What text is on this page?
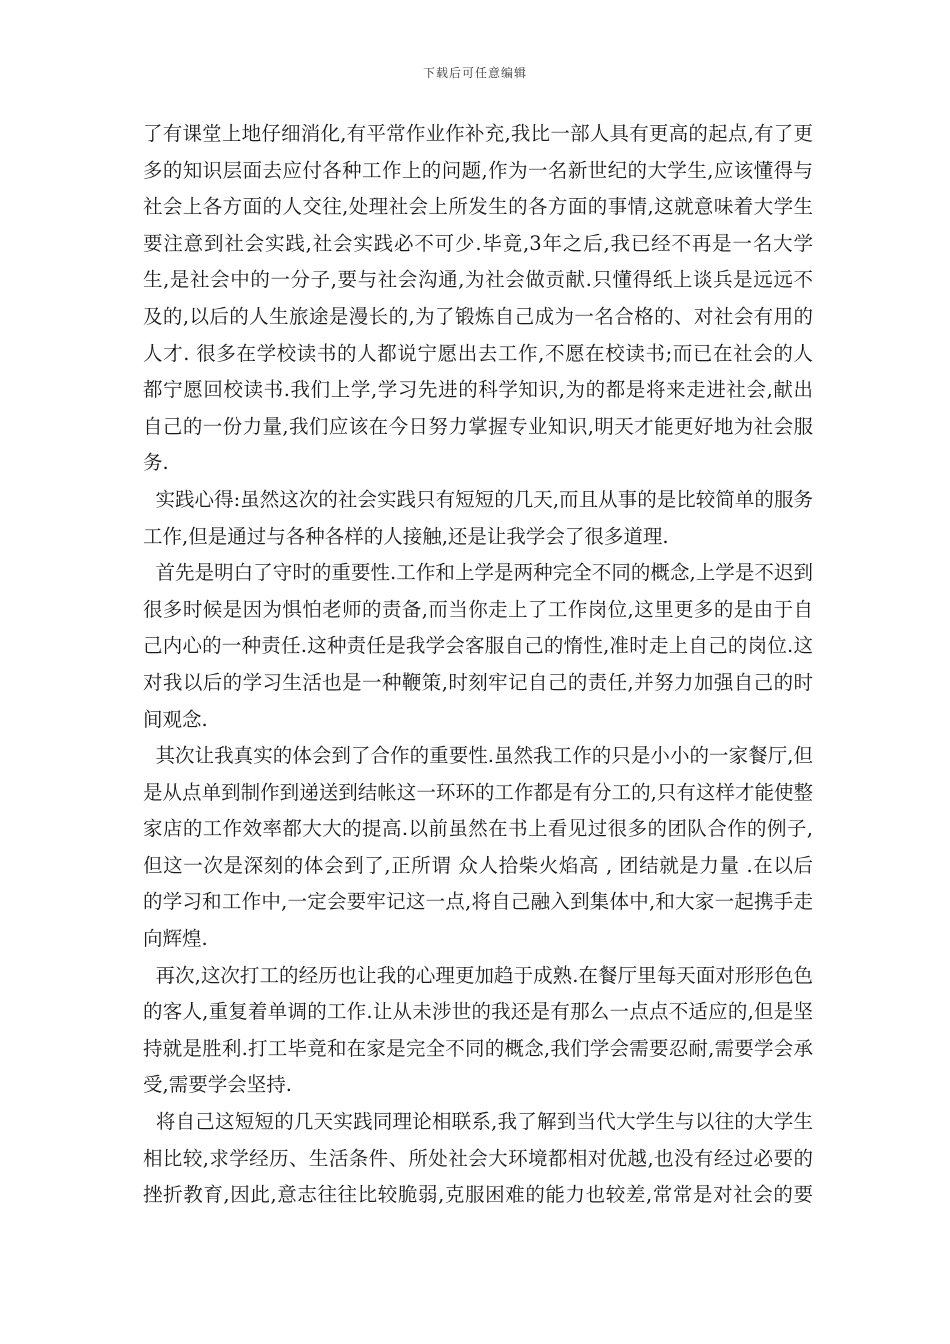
下载后可任意编辑
了有课堂上地仔细消化,有平常作业作补充,我比一部人具有更高的起点,有了更
多的知识层面去应付各种工作上的问题,作为一名新世纪的大学生,应该懂得与
社会上各方面的人交往,处理社会上所发生的各方面的事情,这就意味着大学生
要注意到社会实践,社会实践必不可少.毕竟,3年之后,我已经不再是一名大学
生,是社会中的一分子,要与社会沟通,为社会做贡献.只懂得纸上谈兵是远远不
及的,以后的人生旅途是漫长的,为了锻炼自己成为一名合格的、对社会有用的
人才. 很多在学校读书的人都说宁愿出去工作,不愿在校读书;而已在社会的人
都宁愿回校读书.我们上学,学习先进的科学知识,为的都是将来走进社会,献出
自己的一份力量,我们应该在今日努力掌握专业知识,明天才能更好地为社会服
务.
实践心得:虽然这次的社会实践只有短短的几天,而且从事的是比较简单的服务
工作,但是通过与各种各样的人接触,还是让我学会了很多道理.
首先是明白了守时的重要性.工作和上学是两种完全不同的概念,上学是不迟到
很多时候是因为惧怕老师的责备,而当你走上了工作岗位,这里更多的是由于自
己内心的一种责任.这种责任是我学会客服自己的惰性,准时走上自己的岗位.这
对我以后的学习生活也是一种鞭策,时刻牢记自己的责任,并努力加强自己的时
间观念.
其次让我真实的体会到了合作的重要性.虽然我工作的只是小小的一家餐厅,但
是从点单到制作到递送到结帐这一环环的工作都是有分工的,只有这样才能使整
家店的工作效率都大大的提高.以前虽然在书上看见过很多的团队合作的例子,
但这一次是深刻的体会到了,正所谓 众人拾柴火焰高 , 团结就是力量 .在以后
的学习和工作中,一定会要牢记这一点,将自己融入到集体中,和大家一起携手走
向辉煌.
再次,这次打工的经历也让我的心理更加趋于成熟.在餐厅里每天面对形形色色
的客人,重复着单调的工作.让从未涉世的我还是有那么一点点不适应的,但是坚
持就是胜利.打工毕竟和在家是完全不同的概念,我们学会需要忍耐,需要学会承
受,需要学会坚持.
将自己这短短的几天实践同理论相联系,我了解到当代大学生与以往的大学生
相比较,求学经历、生活条件、所处社会大环境都相对优越,也没有经过必要的
挫折教育,因此,意志往往比较脆弱,克服困难的能力也较差,常常是对社会的要
